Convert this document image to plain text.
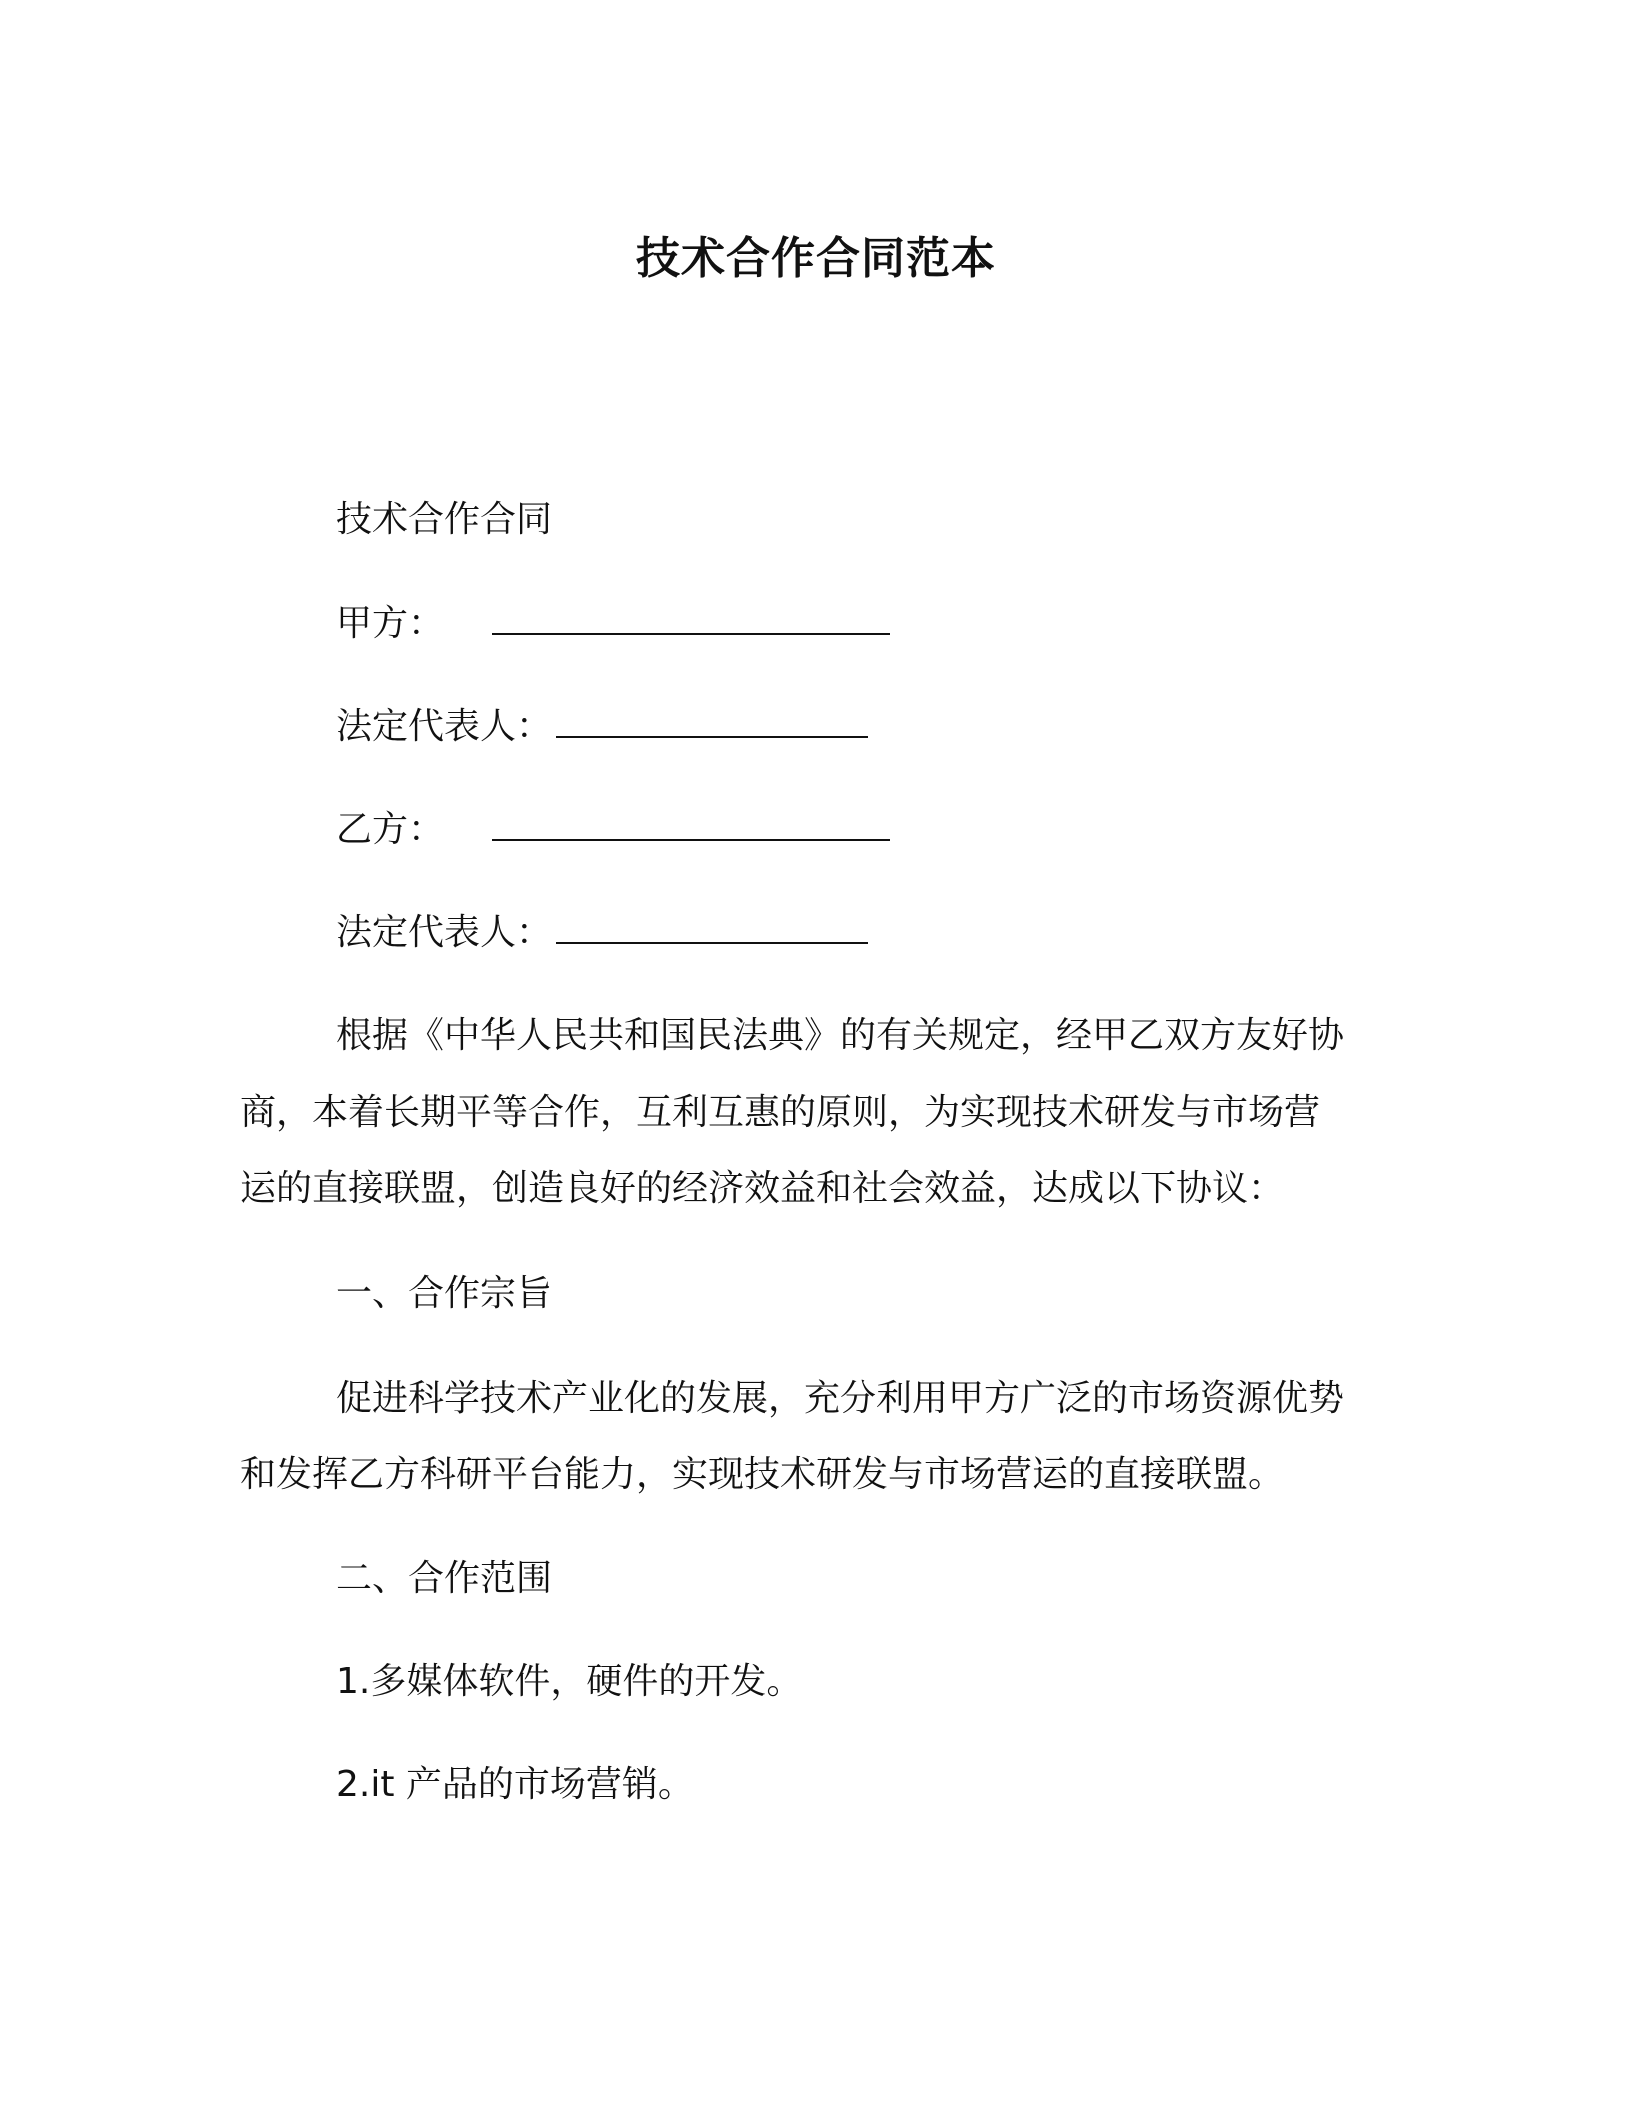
技术合作合同范本
技术合作合同
甲方：
法定代表人：
乙方：
法定代表人：
根据《中华人民共和国民法典》的有关规定，经甲乙双方友好协
商，本着长期平等合作，互利互惠的原则，为实现技术研发与市场营
运的直接联盟，创造良好的经济效益和社会效益，达成以下协议：
一、合作宗旨
促进科学技术产业化的发展，充分利用甲方广泛的市场资源优势
和发挥乙方科研平台能力，实现技术研发与市场营运的直接联盟。
二、合作范围
1.多媒体软件，硬件的开发。
2.it 产品的市场营销。
